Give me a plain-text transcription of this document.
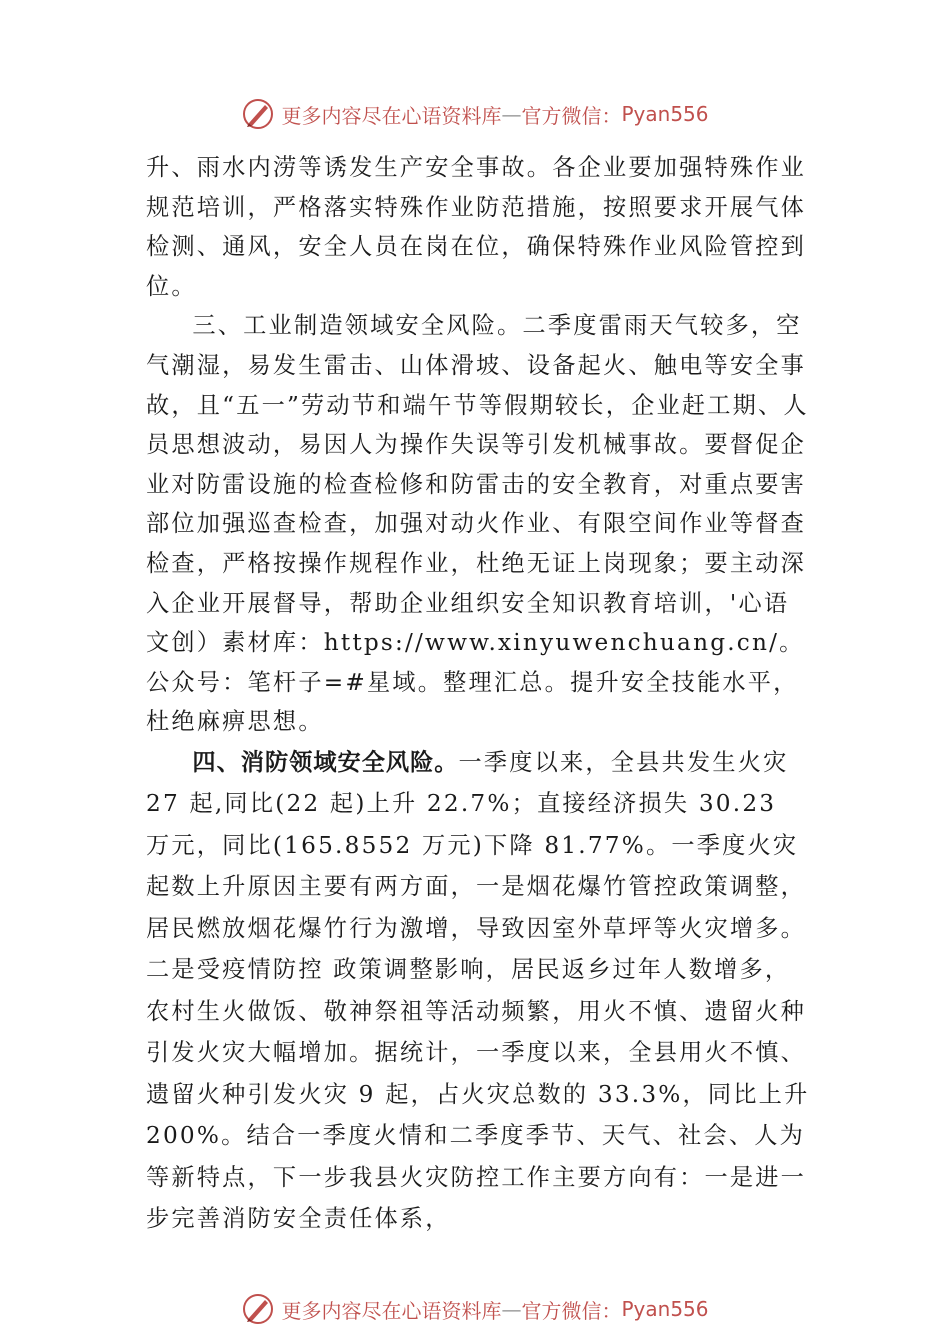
更多内容尽在心语资料库 — 官方微信： Pyan556

升、雨水内涝等诱发生产安全事故。各企业要加强特殊作业规范培训，严格落实特殊作业防范措施，按照要求开展气体检测、通风，安全人员在岗在位，确保特殊作业风险管控到位。

三、工业制造领域安全风险。二季度雷雨天气较多，空气潮湿，易发生雷击、山体滑坡、设备起火、触电等安全事故，且“五一”劳动节和端午节等假期较长，企业赶工期、人员思想波动，易因人为操作失误等引发机械事故。要督促企业对防雷设施的检查检修和防雷击的安全教育，对重点要害部位加强巡查检查，加强对动火作业、有限空间作业等督查检查，严格按操作规程作业，杜绝无证上岗现象；要主动深入企业开展督导，帮助企业组织安全知识教育培训，'心语文创）素材库：https://www.xinyuwenchuang.cn/。公众号：笔杆子=#星域。整理汇总。提升安全技能水平，杜绝麻痹思想。

四、消防领域安全风险。一季度以来，全县共发生火灾 27 起,同比(22 起)上升 22.7%；直接经济损失 30.23 万元，同比(165.8552 万元)下降 81.77%。一季度火灾起数上升原因主要有两方面，一是烟花爆竹管控政策调整，居民燃放烟花爆竹行为激增，导致因室外草坪等火灾增多。二是受疫情防控 政策调整影响，居民返乡过年人数增多，农村生火做饭、敬神祭祖等活动频繁，用火不慎、遗留火种引发火灾大幅增加。据统计，一季度以来，全县用火不慎、遗留火种引发火灾 9 起，占火灾总数的 33.3%，同比上升 200%。结合一季度火情和二季度季节、天气、社会、人为等新特点，下一步我县火灾防控工作主要方向有：一是进一步完善消防安全责任体系，

更多内容尽在心语资料库 — 官方微信： Pyan556
